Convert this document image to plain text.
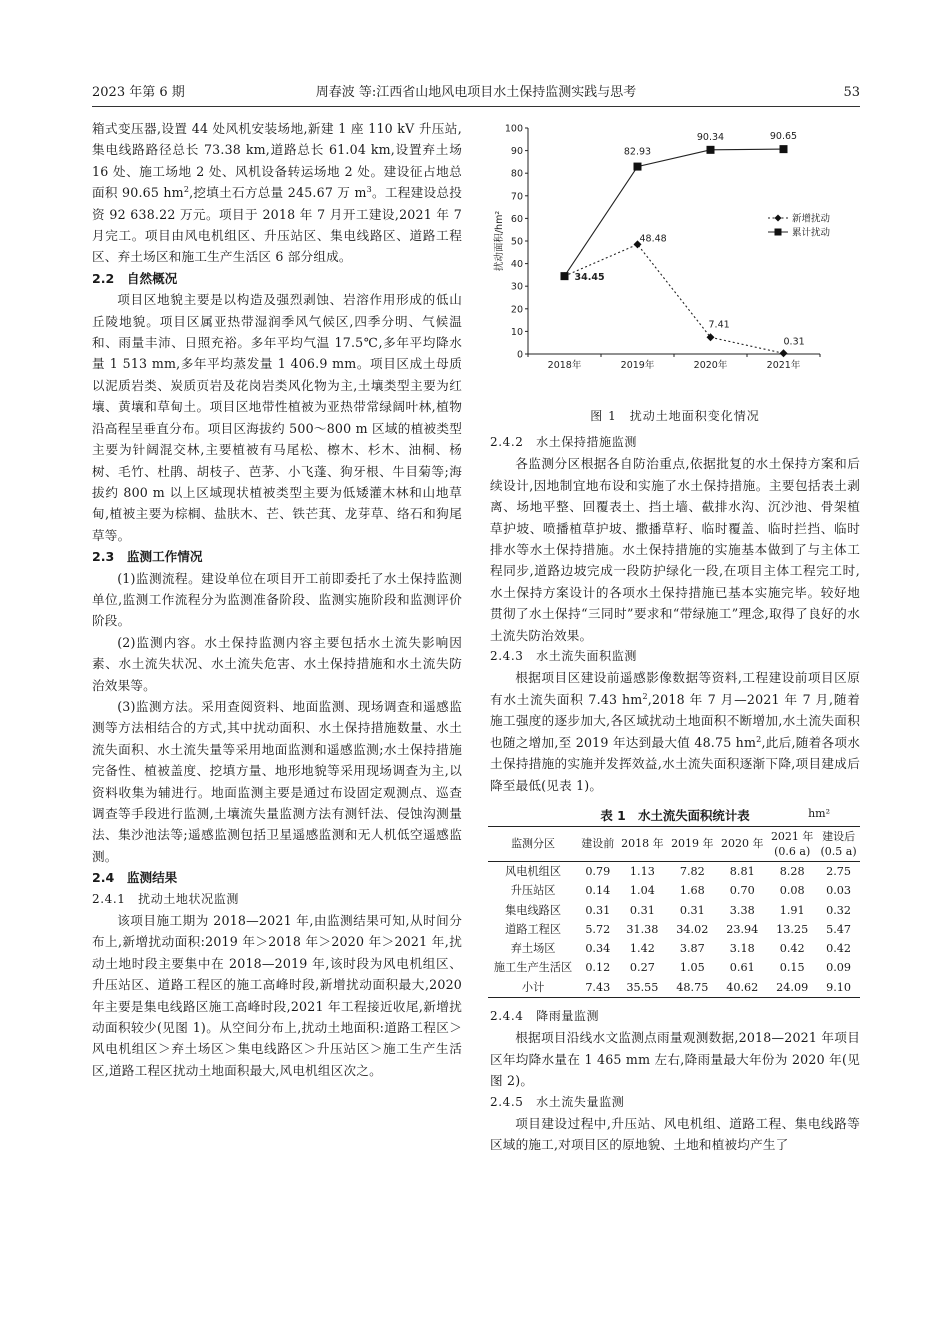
2023 年第 6 期	周春波 等:江西省山地风电项目水土保持监测实践与思考	53

箱式变压器,设置 44 处风机安装场地,新建 1 座 110 kV 升压站,集电线路路径总长 73.38 km,道路总长 61.04 km,设置弃土场 16 处、施工场地 2 处、风机设备转运场地 2 处。建设征占地总面积 90.65 $hm^2$,挖填土石方总量 245.67 万 $m^3$。工程建设总投资 92 638.22 万元。项目于 2018 年 7 月开工建设,2021 年 7 月完工。项目由风电机组区、升压站区、集电线路区、道路工程区、弃土场区和施工生产生活区 6 部分组成。

2.2　自然概况

项目区地貌主要是以构造及强烈剥蚀、岩溶作用形成的低山丘陵地貌。项目区属亚热带湿润季风气候区,四季分明、气候温和、雨量丰沛、日照充裕。多年平均气温 17.5℃,多年平均降水量 1 513 mm,多年平均蒸发量 1 406.9 mm。项目区成土母质以泥质岩类、炭质页岩及花岗岩类风化物为主,土壤类型主要为红壤、黄壤和草甸土。项目区地带性植被为亚热带常绿阔叶林,植物沿高程呈垂直分布。项目区海拔约 500～800 m 区域的植被类型主要为针阔混交林,主要植被有马尾松、檫木、杉木、油桐、杨树、毛竹、杜鹃、胡枝子、芭茅、小飞蓬、狗牙根、牛目菊等;海拔约 800 m 以上区域现状植被类型主要为低矮灌木林和山地草甸,植被主要为棕榈、盐肤木、芒、铁芒萁、龙芽草、络石和狗尾草等。

2.3　监测工作情况

(1)监测流程。建设单位在项目开工前即委托了水土保持监测单位,监测工作流程分为监测准备阶段、监测实施阶段和监测评价阶段。

(2)监测内容。水土保持监测内容主要包括水土流失影响因素、水土流失状况、水土流失危害、水土保持措施和水土流失防治效果等。

(3)监测方法。采用查阅资料、地面监测、现场调查和遥感监测等方法相结合的方式,其中扰动面积、水土保持措施数量、水土流失面积、水土流失量等采用地面监测和遥感监测;水土保持措施完备性、植被盖度、挖填方量、地形地貌等采用现场调查为主,以资料收集为辅进行。地面监测主要是通过布设固定观测点、巡查调查等手段进行监测,土壤流失量监测方法有测钎法、侵蚀沟测量法、集沙池法等;遥感监测包括卫星遥感监测和无人机低空遥感监测。

2.4　监测结果

2.4.1　扰动土地状况监测

该项目施工期为 2018—2021 年,由监测结果可知,从时间分布上,新增扰动面积:2019 年＞2018 年＞2020 年＞2021 年,扰动土地时段主要集中在 2018—2019 年,该时段为风电机组区、升压站区、道路工程区的施工高峰时段,新增扰动面积最大,2020 年主要是集电线路区施工高峰时段,2021 年工程接近收尾,新增扰动面积较少(见图 1)。从空间分布上,扰动土地面积:道路工程区＞风电机组区＞弃土场区＞集电线路区＞升压站区＞施工生产生活区,道路工程区扰动土地面积最大,风电机组区次之。

0
10
20
30
40
50
60
70
80
90
100
2018年	2019年	2020年	2021年
扰动面积/hm²	48.48
7.41
0.31
34.45
82.93
90.34	90.65
新增扰动
累计扰动

图 1　扰动土地面积变化情况

2.4.2　水土保持措施监测

各监测分区根据各自防治重点,依据批复的水土保持方案和后续设计,因地制宜地布设和实施了水土保持措施。主要包括表土剥离、场地平整、回覆表土、挡土墙、截排水沟、沉沙池、骨架植草护坡、喷播植草护坡、撒播草籽、临时覆盖、临时拦挡、临时排水等水土保持措施。水土保持措施的实施基本做到了与主体工程同步,道路边坡完成一段防护绿化一段,在项目主体工程完工时,水土保持方案设计的各项水土保持措施已基本实施完毕。较好地贯彻了水土保持“三同时”要求和“带绿施工”理念,取得了良好的水土流失防治效果。

2.4.3　水土流失面积监测

根据项目区建设前遥感影像数据等资料,工程建设前项目区原有水土流失面积 7.43 $hm^2,2018$ 年 7 月—2021 年 7 月,随着施工强度的逐步加大,各区域扰动土地面积不断增加,水土流失面积也随之增加,至 2019 年达到最大值 48.75 $hm^2$,此后,随着各项水土保持措施的实施并发挥效益,水土流失面积逐渐下降,项目建成后降至最低(见表 1)。

表 1　水土流失面积统计表	hm²
监测分区	建设前	2018 年	2019 年	2020 年	2021 年
(0.6 a)	建设后
(0.5 a)
风电机组区	0.79	1.13	7.82	8.81	8.28	2.75
升压站区	0.14	1.04	1.68	0.70	0.08	0.03
集电线路区	0.31	0.31	0.31	3.38	1.91	0.32
道路工程区	5.72	31.38	34.02	23.94	13.25	5.47
弃土场区	0.34	1.42	3.87	3.18	0.42	0.42
施工生产生活区	0.12	0.27	1.05	0.61	0.15	0.09
小计	7.43	35.55	48.75	40.62	24.09	9.10

2.4.4　降雨量监测

根据项目沿线水文监测点雨量观测数据,2018—2021 年项目区年均降水量在 1 465 mm 左右,降雨量最大年份为 2020 年(见图 2)。

2.4.5　水土流失量监测

项目建设过程中,升压站、风电机组、道路工程、集电线路等区域的施工,对项目区的原地貌、土地和植被均产生了
